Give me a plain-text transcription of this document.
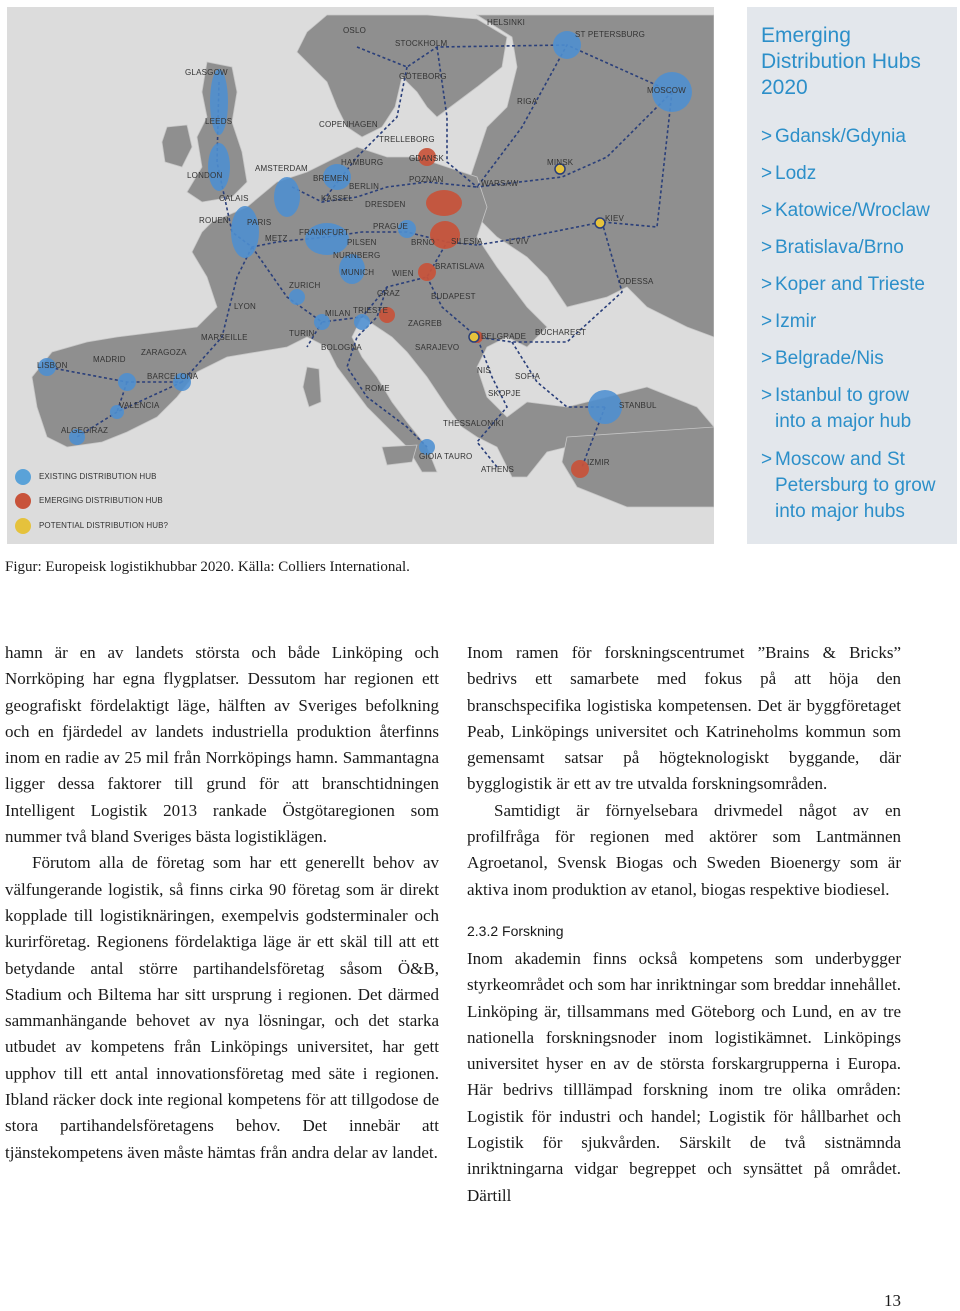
OSLO
STOCKHOLM
HELSINKI
ST PETERSBURG
GLASGOW	GÖTEBORG
RIGA
MOSCOW
LEEDS	COPENHAGEN
TRELLEBORG
GDANSK	MINSK
LONDON
AMSTERDAM
BREMEN
HAMBURG
BERLIN
POZNAN	WARSAW
CALAIS	KASSEL
DRESDEN
KIEV
ROUEN PARIS
METZ
FRANKFURT
PRAGUE
PILSEN	BRNO SILESIA	L'VIV
NURNBERG
MUNICH WIEN
BRATISLAVA
ODESSA
ZURICH
GRAZ	BUDAPEST
LYON
MILAN TRIESTE
ZAGREB
TURIN
MARSEILLE	BELGRADE BUCHAREST
SARAJEVO
BOLOGNA
LISBON
MADRID
ZARAGOZA
BARCELONA
NIS
SOFIA
SKOPJE
STANBUL
ROME
VALENCIA
ALGECIRAZ
THESSALONIKI
GIOIA TAURO
ATHENS
IZMIR
EXISTING DISTRIBUTION HUB
EMERGING DISTRIBUTION HUB
POTENTIAL DISTRIBUTION HUB?
Emerging
Distribution Hubs
2020
> Gdansk/Gdynia
> Lodz
> Katowice/Wroclaw
> Bratislava/Brno
> Koper and Trieste
> Izmir
> Belgrade/Nis
> Istanbul to grow
into a major hub
> Moscow and St
Petersburg to grow
into major hubs
Figur: Europeisk logistikhubbar 2020. Källa: Colliers International.

hamn är en av landets största och både Linköping och Norrköping har egna flygplatser. Dessutom har regionen ett geografiskt fördelaktigt läge, hälften av Sveriges befolkning och en fjärdedel av landets industriella produktion återfinns inom en radie av 25 mil från Norrköpings hamn. Sammantagna ligger dessa faktorer till grund för att branschtidningen Intelligent Logistik 2013 rankade Östgötaregionen som nummer två bland Sveriges bästa logistiklägen.

Förutom alla de företag som har ett generellt behov av välfungerande logistik, så finns cirka 90 företag som är direkt kopplade till logistiknäringen, exempelvis godsterminaler och kurirföretag. Regionens fördelaktiga läge är ett skäl till att ett betydande antal större partihandelsföretag såsom Ö&B, Stadium och Biltema har sitt ursprung i regionen. Det därmed sammanhängande behovet av nya lösningar, och det starka utbudet av kompetens från Linköpings universitet, har gett upphov till ett antal innovationsföretag med säte i regionen. Ibland räcker dock inte regional kompetens för att tillgodose de stora partihandelsföretagens behov. Det innebär att tjänstekompetens även måste hämtas från andra delar av landet.

Inom ramen för forskningscentrumet ”Brains & Bricks” bedrivs ett samarbete med fokus på att höja den branschspecifika logistiska kompetensen. Det är byggföretaget Peab, Linköpings universitet och Katrineholms kommun som gemensamt satsar på högteknologiskt byggande, där bygglogistik är ett av tre utvalda forskningsområden.

Samtidigt är förnyelsebara drivmedel något av en profilfråga för regionen med aktörer som Lantmännen Agroetanol, Svensk Biogas och Sweden Bioenergy som är aktiva inom produktion av etanol, biogas respektive biodiesel.

2.3.2 Forskning

Inom akademin finns också kompetens som underbygger styrkeområdet och som har inriktningar som breddar innehållet. Linköping är, tillsammans med Göteborg och Lund, en av tre nationella forskningsnoder inom logistikämnet. Linköpings universitet hyser en av de största forskargrupperna i Europa. Här bedrivs tilllämpad forskning inom tre olika områden: Logistik för industri och handel; Logistik för hållbarhet och Logistik för sjukvården. Särskilt de två sistnämnda inriktningarna vidgar begreppet och synsättet på området. Därtill

13
